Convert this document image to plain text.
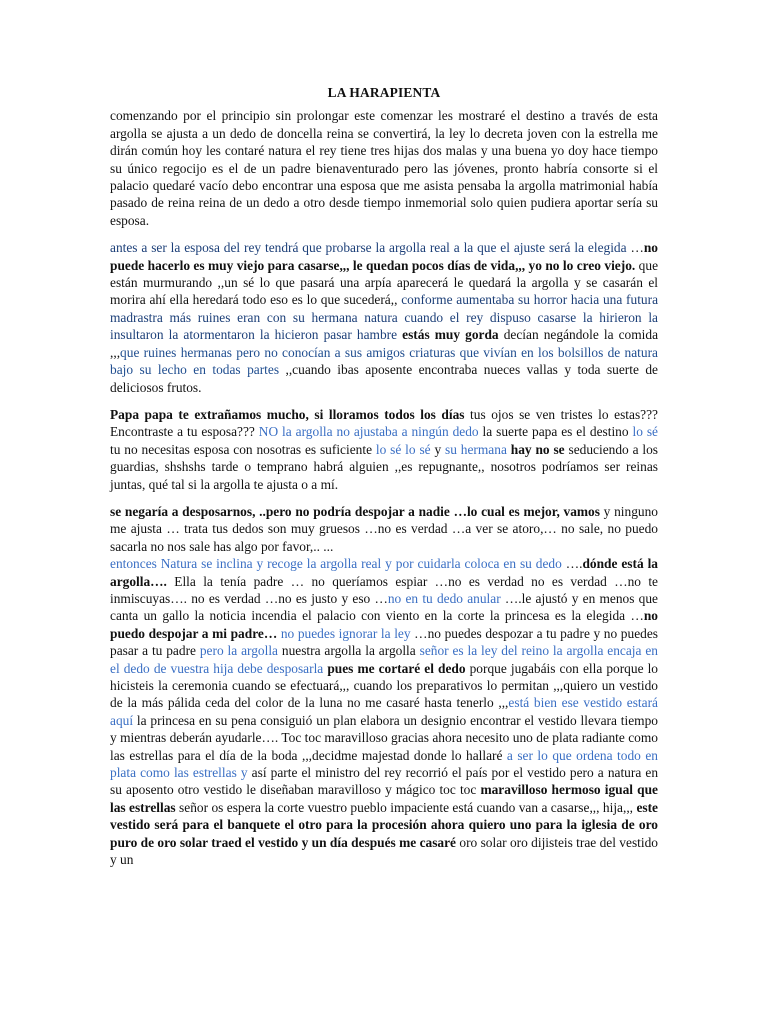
LA HARAPIENTA

comenzando por el principio sin prolongar este comenzar les mostraré el destino a través de esta argolla se ajusta a un dedo de doncella reina se convertirá, la ley lo decreta joven con la estrella me dirán común hoy les contaré natura el rey tiene tres hijas dos malas y una buena yo doy hace tiempo su único regocijo es el de un padre bienaventurado pero las jóvenes, pronto habría consorte si el palacio quedaré vacío debo encontrar una esposa que me asista pensaba la argolla matrimonial había pasado de reina reina de un dedo a otro desde tiempo inmemorial solo quien pudiera aportar sería su esposa.

antes a ser la esposa del rey tendrá que probarse la argolla real a la que el ajuste será la elegida …no puede hacerlo es muy viejo para casarse,,, le quedan pocos días de vida,,, yo no lo creo viejo. que están murmurando ,,un sé lo que pasará una arpía aparecerá le quedará la argolla y se casarán el morira ahí ella heredará todo eso es lo que sucederá,, conforme aumentaba su horror hacia una futura madrastra más ruines eran con su hermana natura cuando el rey dispuso casarse la hirieron la insultaron la atormentaron la hicieron pasar hambre estás muy gorda decían negándole la comida ,,,que ruines hermanas pero no conocían a sus amigos criaturas que vivían en los bolsillos de natura bajo su lecho en todas partes ,,cuando ibas aposente encontraba nueces vallas y toda suerte de deliciosos frutos.

Papa papa te extrañamos mucho, si lloramos todos los días tus ojos se ven tristes lo estas??? Encontraste a tu esposa??? NO la argolla no ajustaba a ningún dedo la suerte papa es el destino lo sé tu no necesitas esposa con nosotras es suficiente lo sé lo sé y su hermana hay no se seduciendo a los guardias, shshshs tarde o temprano habrá alguien ,,es repugnante,, nosotros podríamos ser reinas juntas, qué tal si la argolla te ajusta o a mí.

se negaría a desposarnos, ..pero no podría despojar a nadie …lo cual es mejor, vamos y ninguno me ajusta … trata tus dedos son muy gruesos …no es verdad …a ver se atoro,… no sale, no puedo sacarla no nos sale has algo por favor,.. ...
entonces Natura se inclina y recoge la argolla real y por cuidarla coloca en su dedo ….dónde está la argolla…. Ella la tenía padre … no queríamos espiar …no es verdad no es verdad …no te inmiscuyas…. no es verdad …no es justo y eso …no en tu dedo anular ….le ajustó y en menos que canta un gallo la noticia incendia el palacio con viento en la corte la princesa es la elegida …no puedo despojar a mi padre… no puedes ignorar la ley …no puedes despozar a tu padre y no puedes pasar a tu padre pero la argolla nuestra argolla la argolla señor es la ley del reino la argolla encaja en el dedo de vuestra hija debe desposarla pues me cortaré el dedo porque jugabáis con ella porque lo hicisteis la ceremonia cuando se efectuará,,, cuando los preparativos lo permitan ,,,quiero un vestido de la más pálida ceda del color de la luna no me casaré hasta tenerlo ,,,está bien ese vestido estará aquí la princesa en su pena consiguió un plan elabora un designio encontrar el vestido llevara tiempo y mientras deberán ayudarle…. Toc toc maravilloso gracias ahora necesito uno de plata radiante como las estrellas para el día de la boda ,,,decidme majestad donde lo hallaré a ser lo que ordena todo en plata como las estrellas y así parte el ministro del rey recorrió el país por el vestido pero a natura en su aposento otro vestido le diseñaban maravilloso y mágico toc toc maravilloso hermoso igual que las estrellas señor os espera la corte vuestro pueblo impaciente está cuando van a casarse,,, hija,,, este vestido será para el banquete el otro para la procesión ahora quiero uno para la iglesia de oro puro de oro solar traed el vestido y un día después me casaré oro solar oro dijisteis trae del vestido y un
